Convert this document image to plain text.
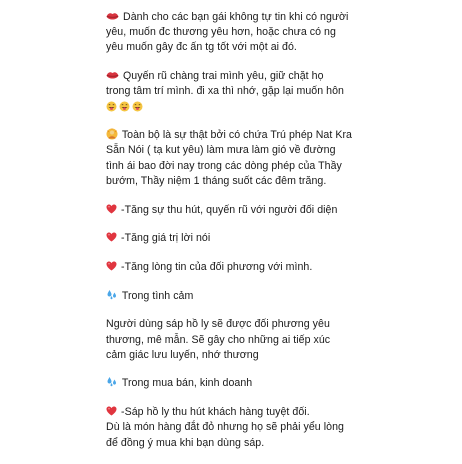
Dành cho các bạn gái không tự tin khi có người
yêu, muốn đc thương yêu hơn, hoặc chưa có ng
yêu muốn gây đc ấn tg tốt với một ai đó.
Quyến rũ chàng trai mình yêu, giữ chặt họ
trong tâm trí mình. đi xa thì nhớ, gặp lại muốn hôn
Toàn bộ là sự thật bởi có chứa Trú phép Nat Kra
Sẵn Nói ( tạ kut yêu) làm mưa làm gió về đường
tình ái bao đời nay trong các dòng phép của Thầy
bướm, Thầy niệm 1 tháng suốt các đêm trăng.
-Tăng sự thu hút, quyến rũ với người đối diện
-Tăng giá trị lời nói
-Tăng lòng tin của đối phương với mình.
Trong tình cảm
Người dùng sáp hồ ly sẽ được đối phương yêu
thương, mê mẫn. Sẽ gây cho những ai tiếp xúc
cảm giác lưu luyến, nhớ thương
Trong mua bán, kinh doanh
-Sáp hồ ly thu hút khách hàng tuyệt đối.
Dù là món hàng đắt đỏ nhưng họ sẽ phải yểu lòng
để đồng ý mua khi bạn dùng sáp.
